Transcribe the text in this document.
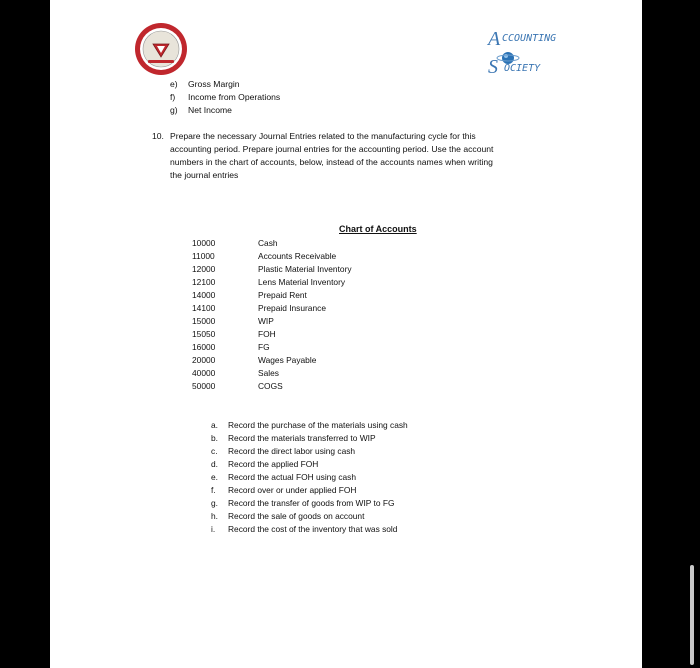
A CCOUNTING
S OCIETY
e) Gross Margin
f) Income from Operations
g) Net Income
10. Prepare the necessary Journal Entries related to the manufacturing cycle for this
accounting period. Prepare journal entries for the accounting period. Use the account
numbers in the chart of accounts, below, instead of the accounts names when writing
the journal entries
Chart of Accounts
10000	Cash
11000	Accounts Receivable
12000	Plastic Material Inventory
12100	Lens Material Inventory
14000	Prepaid Rent
14100	Prepaid Insurance
15000	WIP
15050	FOH
16000	FG
20000	Wages Payable
40000	Sales
50000	COGS
a. Record the purchase of the materials using cash
b. Record the materials transferred to WIP
c. Record the direct labor using cash
d. Record the applied FOH
e. Record the actual FOH using cash
f. Record over or under applied FOH
g. Record the transfer of goods from WIP to FG
h. Record the sale of goods on account
i. Record the cost of the inventory that was sold
